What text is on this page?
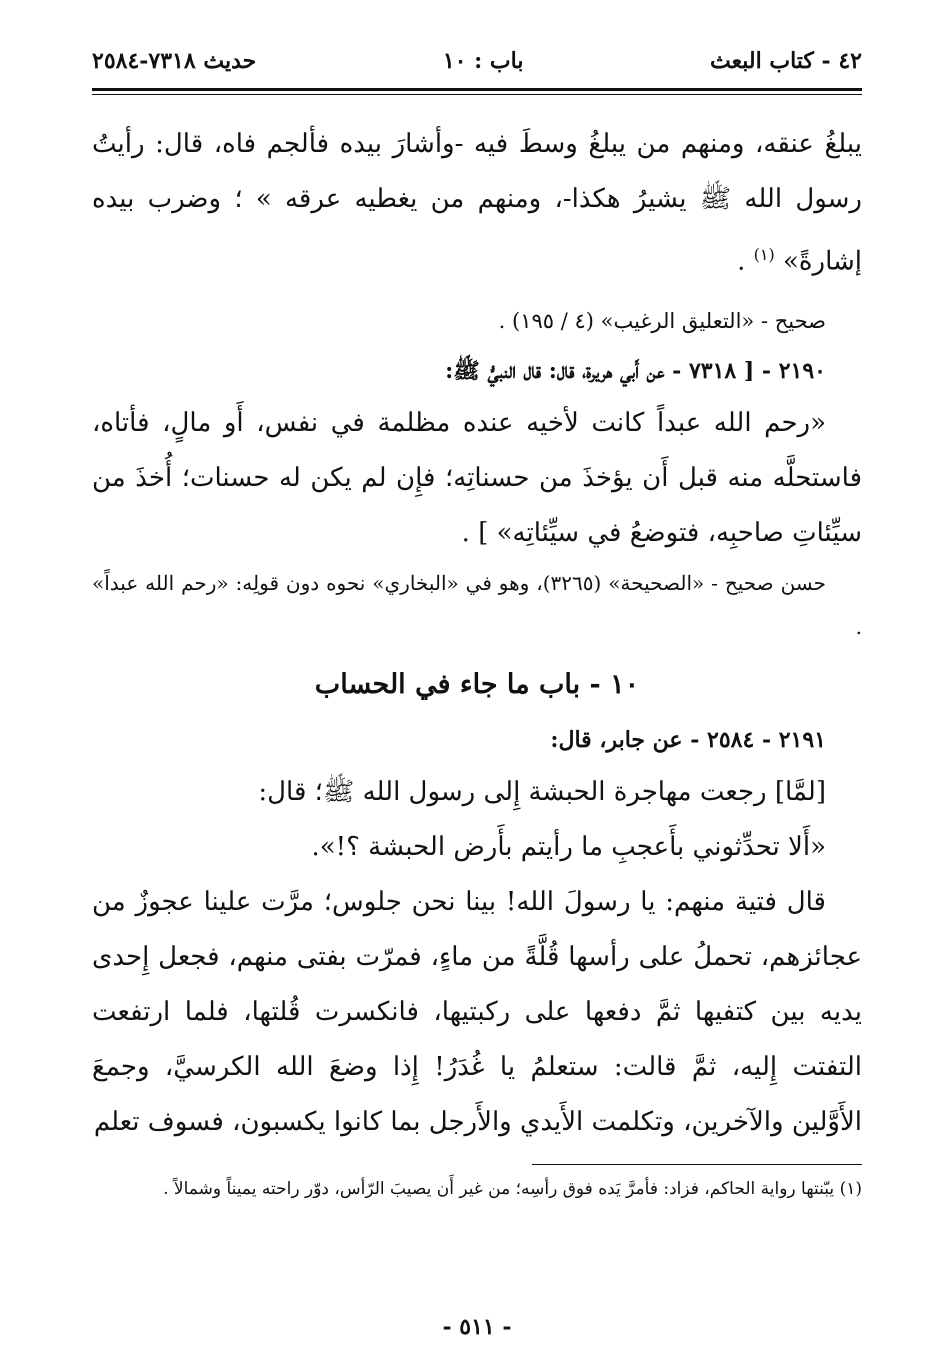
٤٢ - كتاب البعث
باب : ١٠
حديث ٧٣١٨-٢٥٨٤

يبلغُ عنقه، ومنهم من يبلغُ وسطَ فيه -وأشارَ بيده فألجم فاه، قال: رأيتُ رسول الله ﷺ يشيرُ هكذا-، ومنهم من يغطيه عرقه » ؛ وضرب بيده إشارةً» $^{(١)}$ .

صحيح - «التعليق الرغيب» (٤ / ١٩٥) .

٢١٩٠ - [ ٧٣١٨ - عن أَبي هريرة، قال: قال النبيُّ ﷺ:

«رحم الله عبداً كانت لأخيه عنده مظلمة في نفس، أَو مالٍ، فأتاه، فاستحلَّه منه قبل أَن يؤخذَ من حسناتِه؛ فإِن لم يكن له حسنات؛ أُخذَ من سيِّئاتِ صاحبِه، فتوضعُ في سيِّئاتِه» ] .

حسن صحيح - «الصحيحة» (٣٢٦٥)، وهو في «البخاري» نحوه دون قولِه: «رحم الله عبداً» .

١٠ - باب ما جاء في الحساب

٢١٩١ - ٢٥٨٤ - عن جابر، قال:

[لمَّا] رجعت مهاجرة الحبشة إِلى رسول الله ﷺ؛ قال:

«أَلا تحدِّثوني بأَعجبِ ما رأيتم بأَرض الحبشة ؟!».

قال فتية منهم: يا رسولَ الله! بينا نحن جلوس؛ مرَّت علينا عجوزٌ من عجائزهم، تحملُ على رأسها قُلَّةً من ماءٍ، فمرّت بفتى منهم، فجعل إِحدى يديه بين كتفيها ثمَّ دفعها على ركبتيها، فانكسرت قُلتها، فلما ارتفعت التفتت إِليه، ثمَّ قالت: ستعلمُ يا غُدَرُ! إِذا وضعَ الله الكرسيَّ، وجمعَ الأَوَّلين والآخرين، وتكلمت الأَيدي والأَرجل بما كانوا يكسبون، فسوف تعلم

(١) يبّنتها رواية الحاكم، فزاد: فأمرَّ يَده فوق رأسِه؛ من غير أَن يصيبَ الرّأس، دوّر راحته يميناً وشمالاً .

- ٥١١ -
